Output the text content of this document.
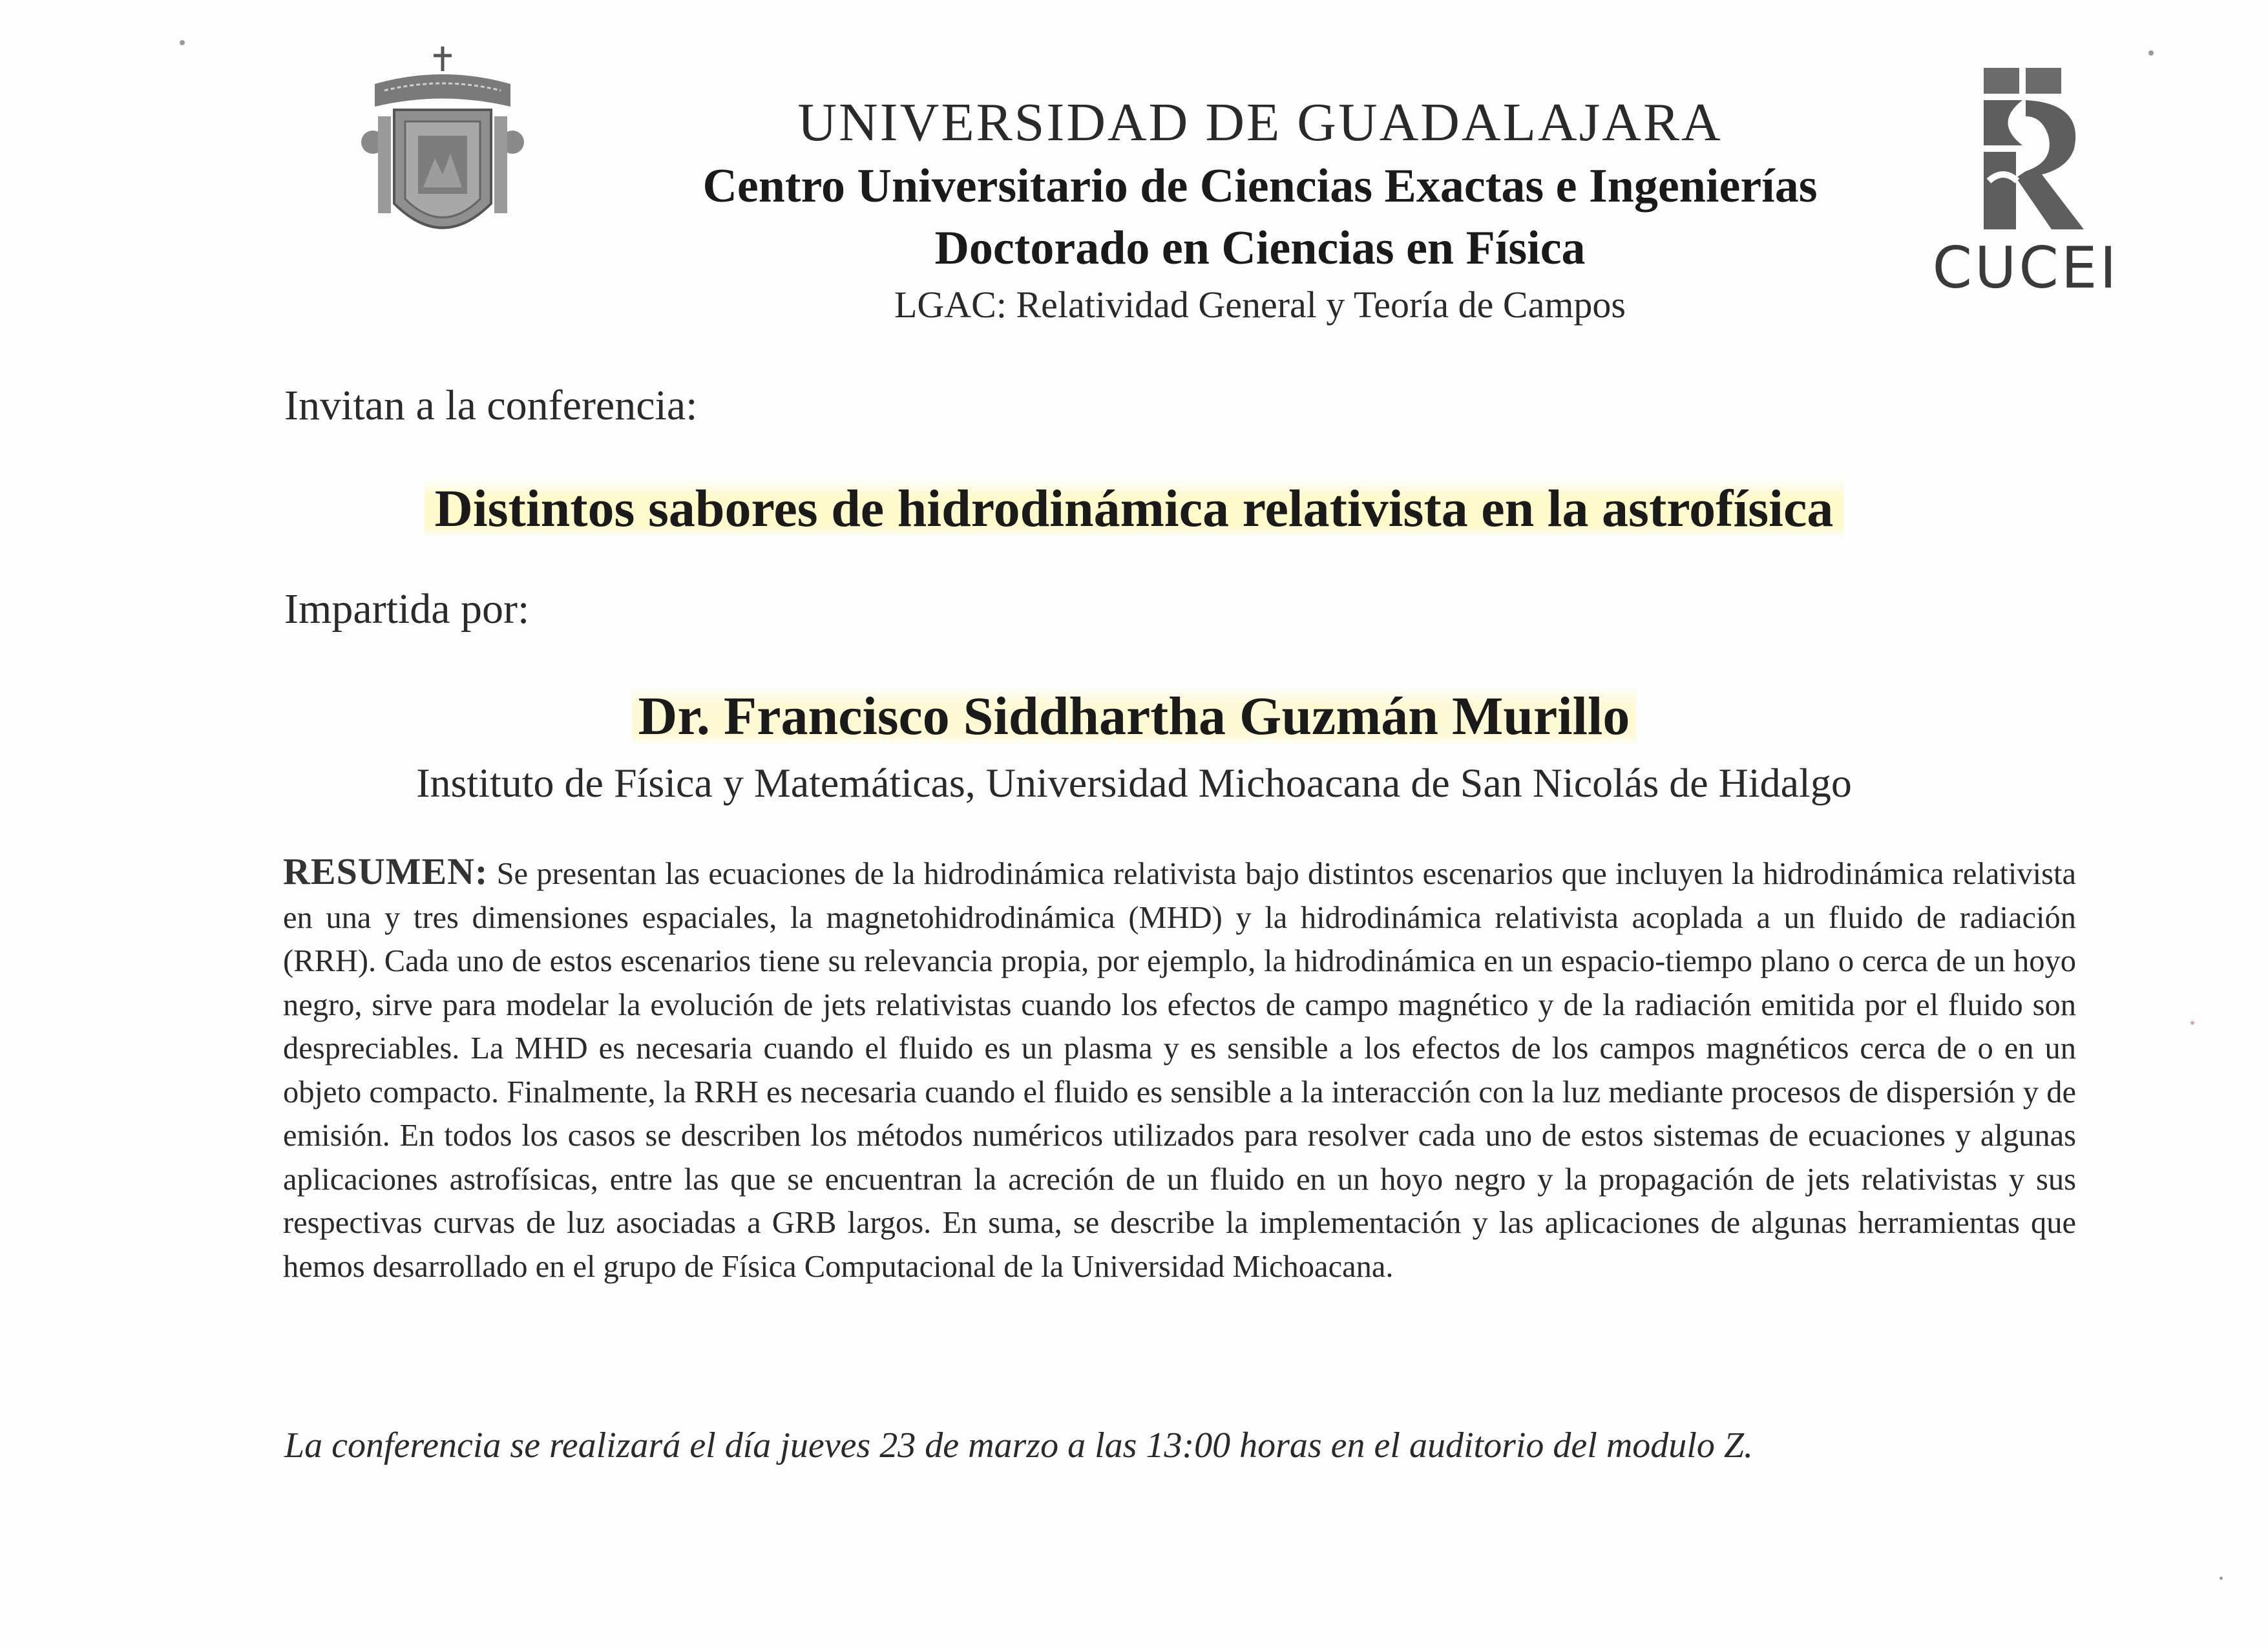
CUCEI

UNIVERSIDAD DE GUADALAJARA

Centro Universitario de Ciencias Exactas e Ingenierías

Doctorado en Ciencias en Física

LGAC: Relatividad General y Teoría de Campos

Invitan a la conferencia:
Distintos sabores de hidrodinámica relativista en la astrofísica
Impartida por:
Dr. Francisco Siddhartha Guzmán Murillo
Instituto de Física y Matemáticas, Universidad Michoacana de San Nicolás de Hidalgo

RESUMEN: Se presentan las ecuaciones de la hidrodinámica relativista bajo distintos escenarios que incluyen la hidrodinámica relativista en una y tres dimensiones espaciales, la magnetohidrodinámica (MHD) y la hidrodinámica relativista acoplada a un fluido de radiación (RRH). Cada uno de estos escenarios tiene su relevancia propia, por ejemplo, la hidrodinámica en un espacio-tiempo plano o cerca de un hoyo negro, sirve para modelar la evolución de jets relativistas cuando los efectos de campo magnético y de la radiación emitida por el fluido son despreciables. La MHD es necesaria cuando el fluido es un plasma y es sensible a los efectos de los campos magnéticos cerca de o en un objeto compacto. Finalmente, la RRH es necesaria cuando el fluido es sensible a la interacción con la luz mediante procesos de dispersión y de emisión. En todos los casos se describen los métodos numéricos utilizados para resolver cada uno de estos sistemas de ecuaciones y algunas aplicaciones astrofísicas, entre las que se encuentran la acreción de un fluido en un hoyo negro y la propagación de jets relativistas y sus respectivas curvas de luz asociadas a GRB largos. En suma, se describe la implementación y las aplicaciones de algunas herramientas que hemos desarrollado en el grupo de Física Computacional de la Universidad Michoacana.

La conferencia se realizará el día jueves 23 de marzo a las 13:00 horas en el auditorio del modulo Z.
